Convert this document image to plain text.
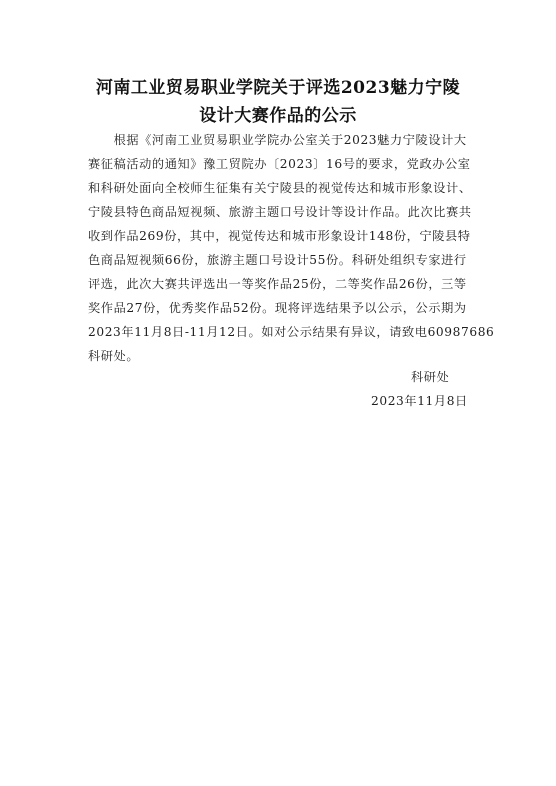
河南工业贸易职业学院关于评选2023魅力宁陵
设计大赛作品的公示
　　根据《河南工业贸易职业学院办公室关于2023魅力宁陵设计大
赛征稿活动的通知》豫工贸院办〔2023〕16号的要求，党政办公室
和科研处面向全校师生征集有关宁陵县的视觉传达和城市形象设计、
宁陵县特色商品短视频、旅游主题口号设计等设计作品。此次比赛共
收到作品269份，其中，视觉传达和城市形象设计148份，宁陵县特
色商品短视频66份，旅游主题口号设计55份。科研处组织专家进行
评选，此次大赛共评选出一等奖作品25份，二等奖作品26份，三等
奖作品27份，优秀奖作品52份。现将评选结果予以公示，公示期为
2023年11月8日-11月12日。如对公示结果有异议，请致电60987686
科研处。
科研处
2023年11月8日
